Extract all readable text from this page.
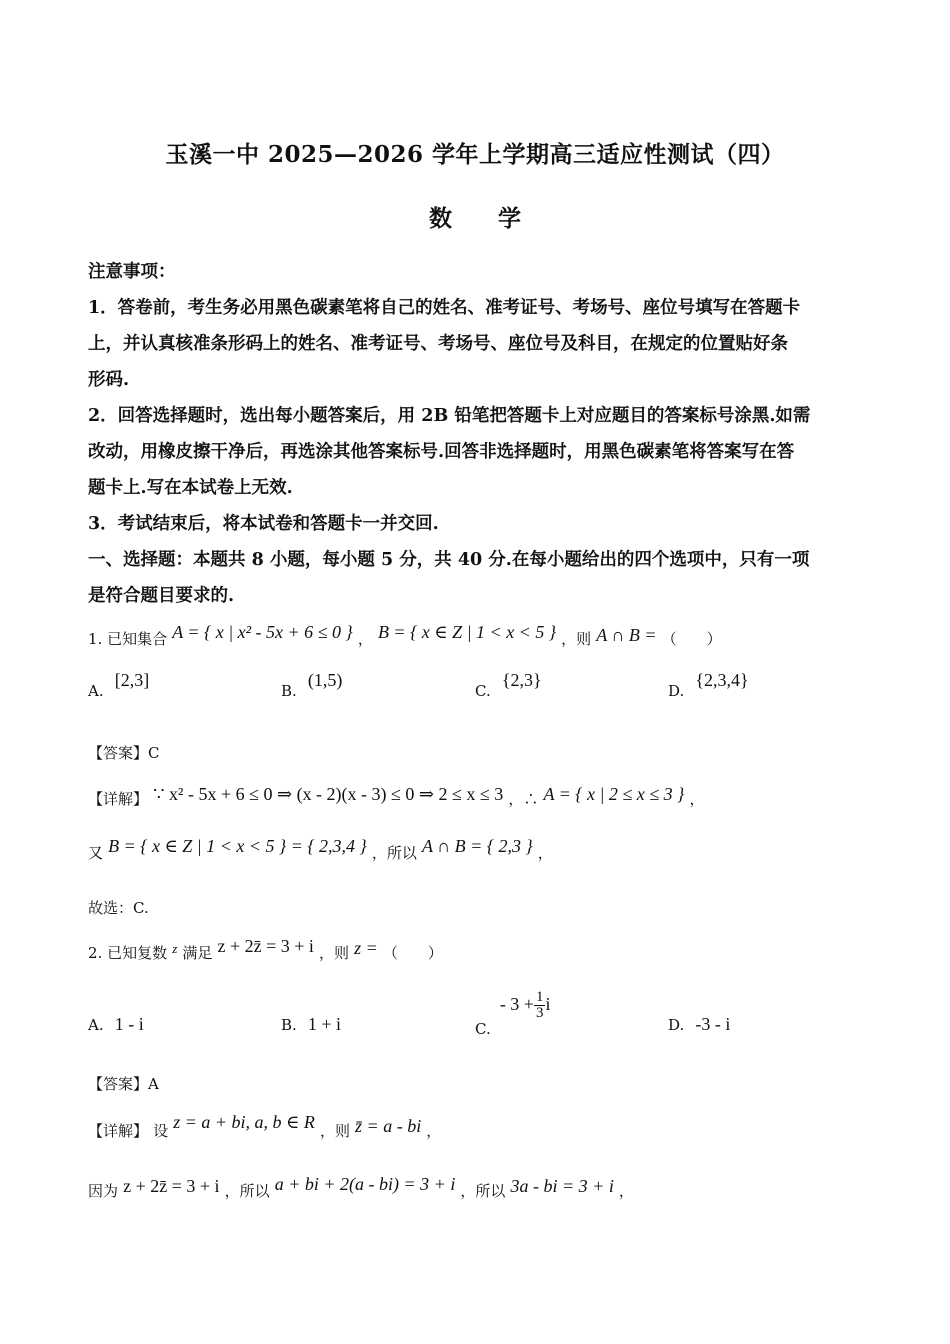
玉溪一中 2025—2026 学年上学期高三适应性测试（四）
数 学
注意事项：
1．答卷前，考生务必用黑色碳素笔将自己的姓名、准考证号、考场号、座位号填写在答题卡
上，并认真核准条形码上的姓名、准考证号、考场号、座位号及科目，在规定的位置贴好条
形码.
2．回答选择题时，选出每小题答案后，用 2B 铅笔把答题卡上对应题目的答案标号涂黑.如需
改动，用橡皮擦干净后，再选涂其他答案标号.回答非选择题时，用黑色碳素笔将答案写在答
题卡上.写在本试卷上无效.
3．考试结束后，将本试卷和答题卡一并交回.
一、选择题：本题共 8 小题，每小题 5 分，共 40 分.在每小题给出的四个选项中，只有一项
是符合题目要求的.
1. 已知集合 A = { x | x² - 5x + 6 ≤ 0 } ， B = { x ∈ Z | 1 < x < 5 } ，则 A ∩ B = （　　）
A. [2,3]
B. (1,5)
C. {2,3}
D. {2,3,4}
【答案】C
【详解】 ∵ x² - 5x + 6 ≤ 0 ⇒ (x - 2)(x - 3) ≤ 0 ⇒ 2 ≤ x ≤ 3 ，∴ A = { x | 2 ≤ x ≤ 3 } ，
又 B = { x ∈ Z | 1 < x < 5 } = { 2,3,4 } ，所以 A ∩ B = { 2,3 } ，
故选：C.
2. 已知复数 $^z$ 满足 z + 2z̄ = 3 + i ，则 z = （　　）
A. 1 - i	B. 1 + i	C. - $3 + \frac{1}{3}$ i
D. -3 - i
【答案】A
【详解】 设 z = a + bi, a, b ∈ R ，则 z̄ = a - bi ，
因为 z + 2z̄ = 3 + i ，所以 a + bi + 2(a - bi) = 3 + i ，所以 3a - bi = 3 + i ，
